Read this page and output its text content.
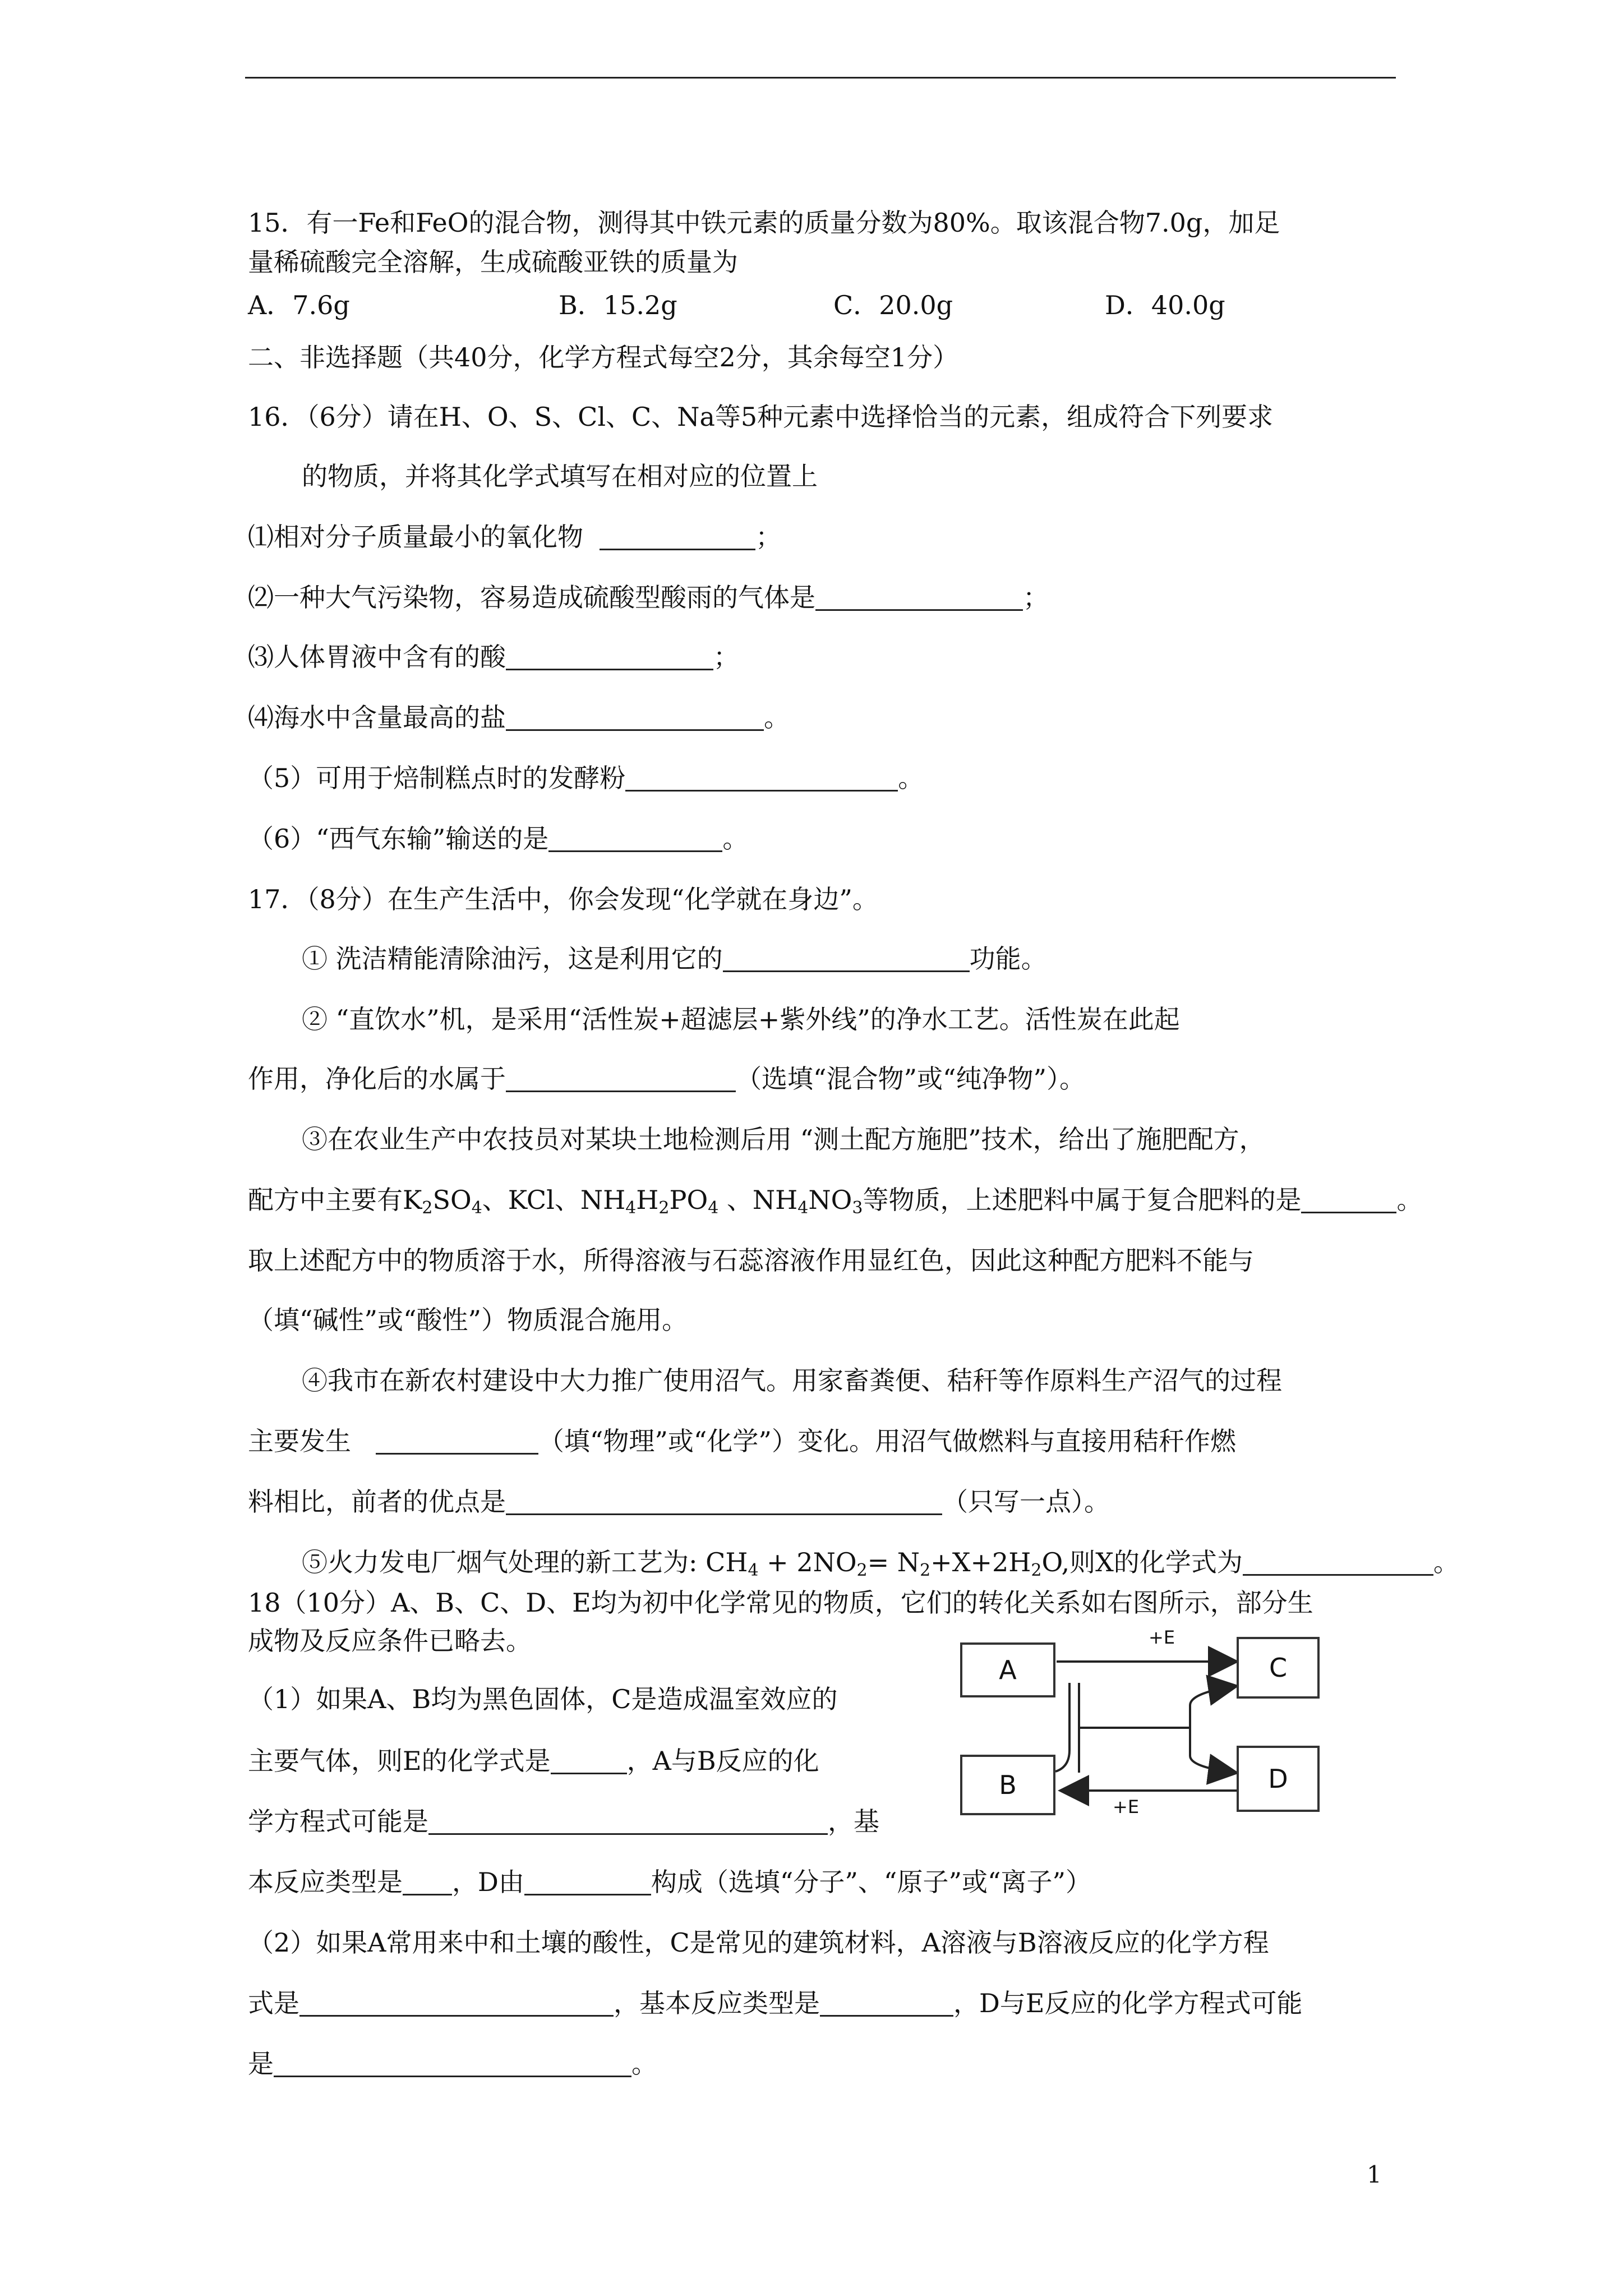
15．有一Fe和FeO的混合物，测得其中铁元素的质量分数为80%。取该混合物7.0g，加足
量稀硫酸完全溶解，生成硫酸亚铁的质量为
A．7.6g	B．15.2g	C．20.0g	D．40.0g
二、非选择题（共40分，化学方程式每空2分，其余每空1分）
16．（6分）请在H、O、S、Cl、C、Na等5种元素中选择恰当的元素，组成符合下列要求
的物质，并将其化学式填写在相对应的位置上
⑴相对分子质量最小的氧化物	；
⑵一种大气污染物，容易造成硫酸型酸雨的气体是	；
⑶人体胃液中含有的酸	；
⑷海水中含量最高的盐	。
（5）可用于焙制糕点时的发酵粉	。
（6）“西气东输”输送的是	。
17．（8分）在生产生活中，你会发现“化学就在身边”。
① 洗洁精能清除油污，这是利用它的	功能。
② “直饮水”机，是采用“活性炭+超滤层+紫外线”的净水工艺。活性炭在此起
作用，净化后的水属于	（选填“混合物”或“纯净物”）。
③在农业生产中农技员对某块土地检测后用 “测土配方施肥”技术，给出了施肥配方，
配方中主要有$K_2SO_4$、KCl、$NH_4H_2PO_4$ 、$NH_4NO_3$等物质，上述肥料中属于复合肥料的是	。
取上述配方中的物质溶于水，所得溶液与石蕊溶液作用显红色，因此这种配方肥料不能与
（填“碱性”或“酸性”）物质混合施用。
④我市在新农村建设中大力推广使用沼气。用家畜粪便、秸秆等作原料生产沼气的过程
主要发生	（填“物理”或“化学”）变化。用沼气做燃料与直接用秸秆作燃
料相比，前者的优点是	（只写一点）。
⑤火力发电厂烟气处理的新工艺为: $CH_4 + 2NO_2= N_2+X+2H_2O$,则X的化学式为	。
18（10分）A、B、C、D、E均为初中化学常见的物质，它们的转化关系如右图所示，部分生
成物及反应条件已略去。
（1）如果A、B均为黑色固体，C是造成温室效应的
主要气体，则E的化学式是	，A与B反应的化
学方程式可能是	，基
本反应类型是 ，D由	构成（选填“分子”、“原子”或“离子”）
（2）如果A常用来中和土壤的酸性，C是常见的建筑材料，A溶液与B溶液反应的化学方程
式是	，基本反应类型是	，D与E反应的化学方程式可能
是	。
A
B
C
D
+E
+E
1
